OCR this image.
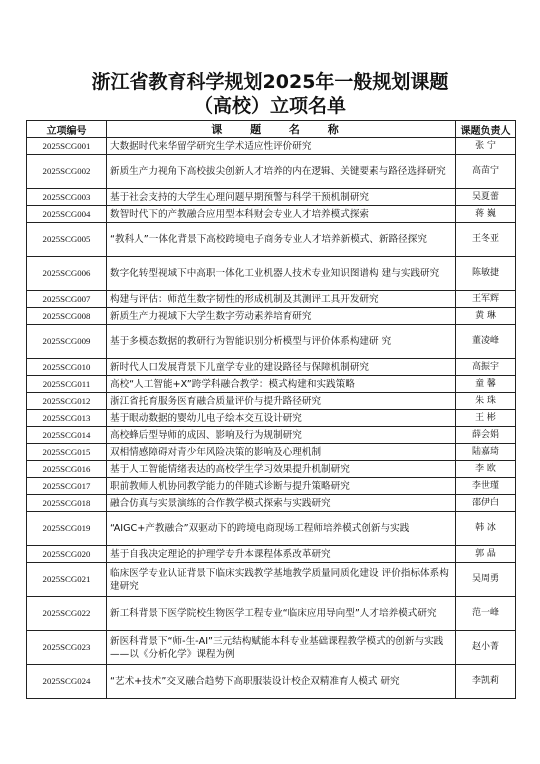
浙江省教育科学规划2025年一般规划课题
（高校）立项名单
立项编号	课 题 名 称	课题负责人
2025SCG001	大数据时代来华留学研究生学术适应性评价研究	张 宁
2025SCG002	新质生产力视角下高校拔尖创新人才培养的内在逻辑、关键要素与路径选择研究	高苗宁
2025SCG003	基于社会支持的大学生心理问题早期预警与科学干预机制研究	吴夏蕾
2025SCG004	数智时代下的产教融合应用型本科财会专业人才培养模式探索	蒋 巍
2025SCG005	“教科人”一体化背景下高校跨境电子商务专业人才培养新模式、新路径探究	王冬亚
2025SCG006	数字化转型视域下中高职一体化工业机器人技术专业知识图谱构 建与实践研究	陈敏捷
2025SCG007	构建与评估：师范生数字韧性的形成机制及其测评工具开发研究	王军辉
2025SCG008	新质生产力视域下大学生数字劳动素养培育研究	黄 琳
2025SCG009	基于多模态数据的教研行为智能识别分析模型与评价体系构建研 究	董凌峰
2025SCG010	新时代人口发展背景下儿童学专业的建设路径与保障机制研究	高振宇
2025SCG011	高校“人工智能+X”跨学科融合教学：模式构建和实践策略	童 馨
2025SCG012	浙江省托育服务医育融合质量评价与提升路径研究	朱 珠
2025SCG013	基于眼动数据的婴幼儿电子绘本交互设计研究	王 彬
2025SCG014	高校蜂后型导师的成因、影响及行为规制研究	薛会娟
2025SCG015	双相情感障碍对青少年风险决策的影响及心理机制	陆嘉琦
2025SCG016	基于人工智能情绪表达的高校学生学习效果提升机制研究	李 欧
2025SCG017	职前教师人机协同教学能力的伴随式诊断与提升策略研究	李世瑾
2025SCG018	融合仿真与实景演练的合作教学模式探索与实践研究	邵伊白
2025SCG019	“AIGC+产教融合”双驱动下的跨境电商现场工程师培养模式创新与实践	韩 冰
2025SCG020	基于自我决定理论的护理学专升本课程体系改革研究	郭 晶
2025SCG021	临床医学专业认证背景下临床实践教学基地教学质量同质化建设 评价指标体系构建研究	吴周勇
2025SCG022	新工科背景下医学院校生物医学工程专业“临床应用导向型”人才培养模式研究	范一峰
2025SCG023	新医科背景下“师-生-AI”三元结构赋能本科专业基础课程教学模式的创新与实践——以《分析化学》课程为例	赵小菁
2025SCG024	“艺术+技术”交叉融合趋势下高职服装设计校企双精准育人模式 研究	李凯莉
